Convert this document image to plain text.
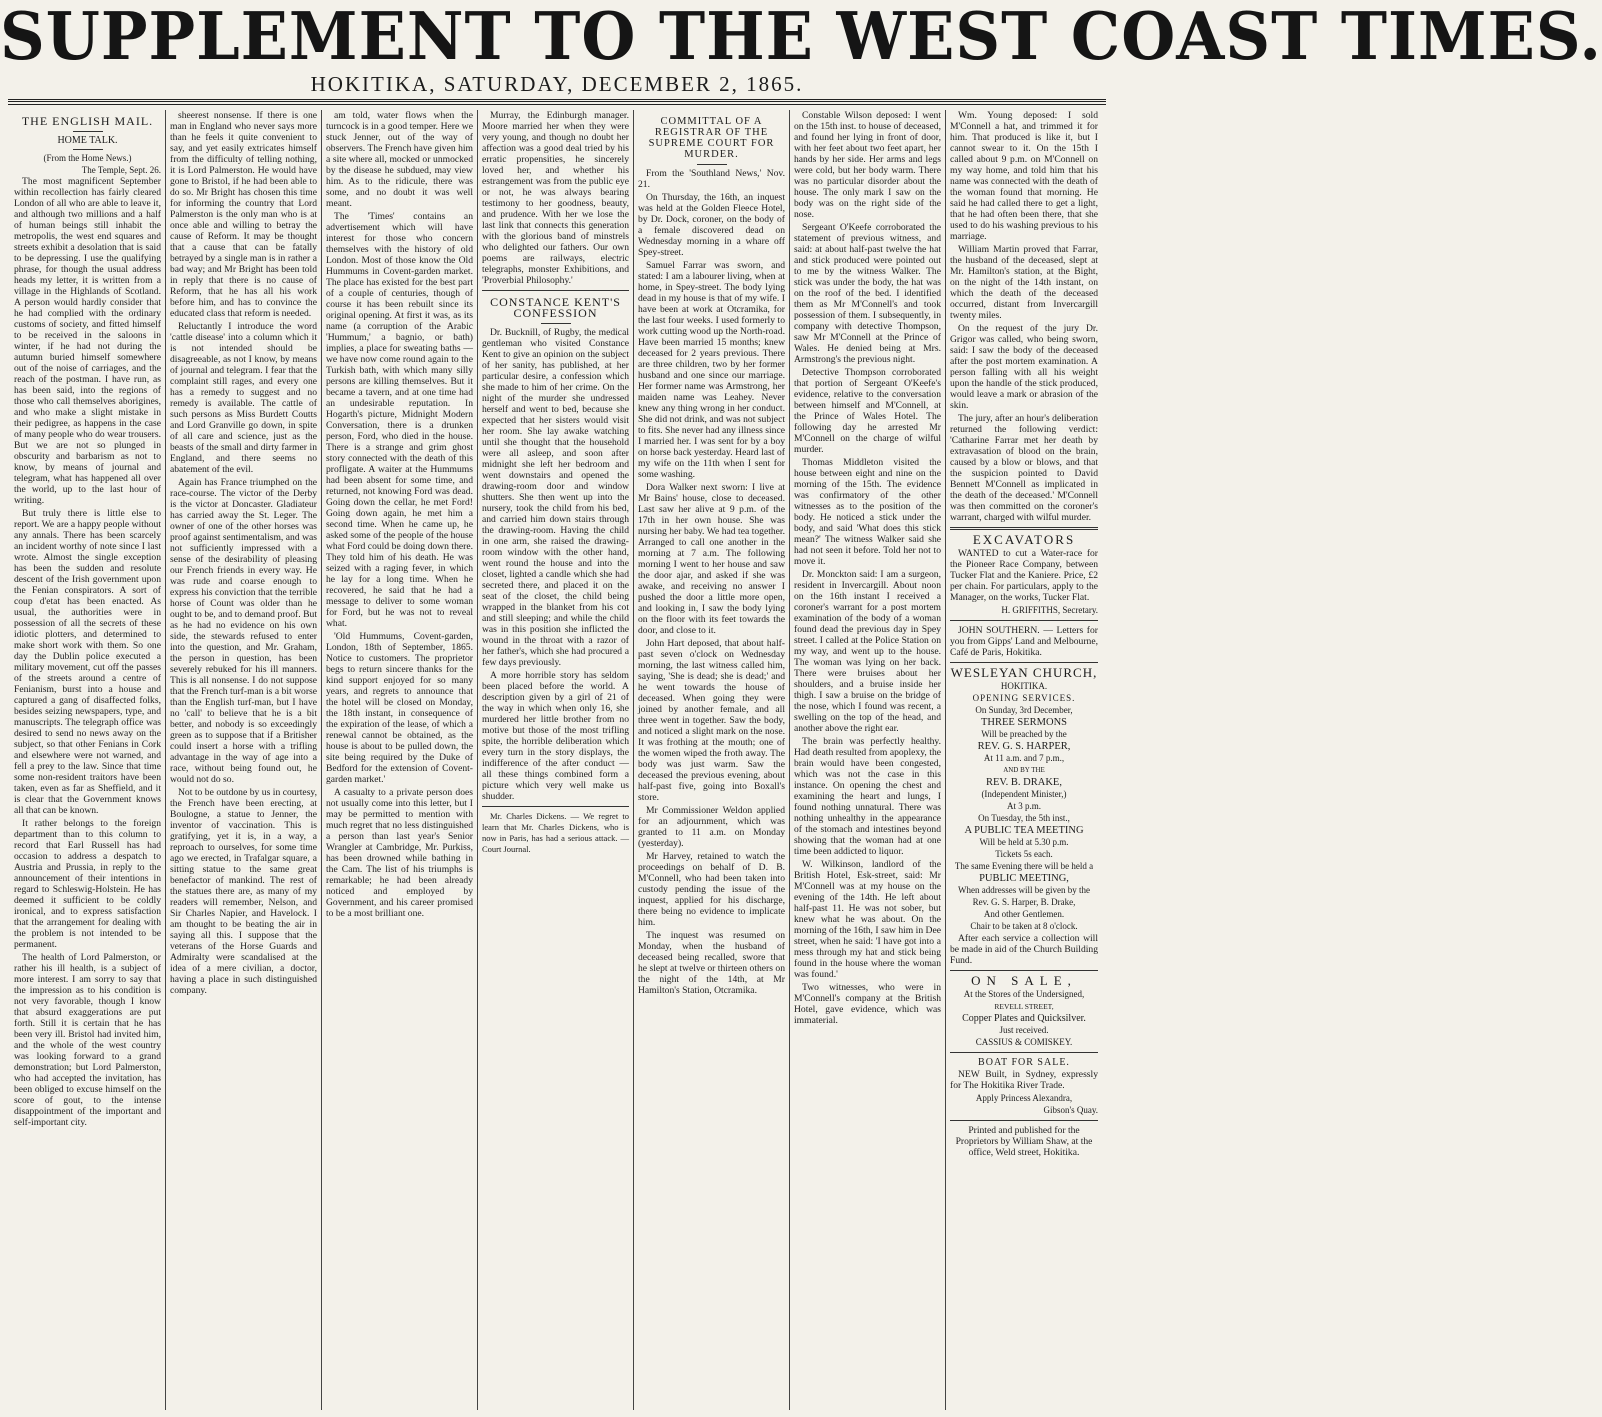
SUPPLEMENT TO THE WEST COAST TIMES.
HOKITIKA, SATURDAY, DECEMBER 2, 1865.
THE ENGLISH MAIL.
HOME TALK.
(From the Home News.)
The Temple, Sept. 26.

The most magnificent September within recollection has fairly cleared London of all who are able to leave it, and although two millions and a half of human beings still inhabit the metropolis, the west end squares and streets exhibit a desolation that is said to be depressing. I use the qualifying phrase, for though the usual address heads my letter, it is written from a village in the Highlands of Scotland. A person would hardly consider that he had complied with the ordinary customs of society, and fitted himself to be received in the saloons in winter, if he had not during the autumn buried himself somewhere out of the noise of carriages, and the reach of the postman. I have run, as has been said, into the regions of those who call themselves aborigines, and who make a slight mistake in their pedigree, as happens in the case of many people who do wear trousers. But we are not so plunged in obscurity and barbarism as not to know, by means of journal and telegram, what has happened all over the world, up to the last hour of writing.

But truly there is little else to report. We are a happy people without any annals. There has been scarcely an incident worthy of note since I last wrote. Almost the single exception has been the sudden and resolute descent of the Irish government upon the Fenian conspirators. A sort of coup d'etat has been enacted. As usual, the authorities were in possession of all the secrets of these idiotic plotters, and determined to make short work with them. So one day the Dublin police executed a military movement, cut off the passes of the streets around a centre of Fenianism, burst into a house and captured a gang of disaffected folks, besides seizing newspapers, type, and manuscripts. The telegraph office was desired to send no news away on the subject, so that other Fenians in Cork and elsewhere were not warned, and fell a prey to the law. Since that time some non-resident traitors have been taken, even as far as Sheffield, and it is clear that the Government knows all that can be known.

It rather belongs to the foreign department than to this column to record that Earl Russell has had occasion to address a despatch to Austria and Prussia, in reply to the announcement of their intentions in regard to Schleswig-Holstein. He has deemed it sufficient to be coldly ironical, and to express satisfaction that the arrangement for dealing with the problem is not intended to be permanent.

The health of Lord Palmerston, or rather his ill health, is a subject of more interest. I am sorry to say that the impression as to his condition is not very favorable, though I know that absurd exaggerations are put forth. Still it is certain that he has been very ill. Bristol had invited him, and the whole of the west country was looking forward to a grand demonstration; but Lord Palmerston, who had accepted the invitation, has been obliged to excuse himself on the score of gout, to the intense disappointment of the important and self-important city.

sheerest nonsense. If there is one man in England who never says more than he feels it quite convenient to say, and yet easily extricates himself from the difficulty of telling nothing, it is Lord Palmerston. He would have gone to Bristol, if he had been able to do so. Mr Bright has chosen this time for informing the country that Lord Palmerston is the only man who is at once able and willing to betray the cause of Reform. It may be thought that a cause that can be fatally betrayed by a single man is in rather a bad way; and Mr Bright has been told in reply that there is no cause of Reform, that he has all his work before him, and has to convince the educated class that reform is needed.

Reluctantly I introduce the word 'cattle disease' into a column which it is not intended should be disagreeable, as not I know, by means of journal and telegram. I fear that the complaint still rages, and every one has a remedy to suggest and no remedy is available. The cattle of such persons as Miss Burdett Coutts and Lord Granville go down, in spite of all care and science, just as the beasts of the small and dirty farmer in England, and there seems no abatement of the evil.

Again has France triumphed on the race-course. The victor of the Derby is the victor at Doncaster. Gladiateur has carried away the St. Leger. The owner of one of the other horses was proof against sentimentalism, and was not sufficiently impressed with a sense of the desirability of pleasing our French friends in every way. He was rude and coarse enough to express his conviction that the terrible horse of Count was older than he ought to be, and to demand proof. But as he had no evidence on his own side, the stewards refused to enter into the question, and Mr. Graham, the person in question, has been severely rebuked for his ill manners. This is all nonsense. I do not suppose that the French turf-man is a bit worse than the English turf-man, but I have no 'call' to believe that he is a bit better, and nobody is so exceedingly green as to suppose that if a Britisher could insert a horse with a trifling advantage in the way of age into a race, without being found out, he would not do so.

Not to be outdone by us in courtesy, the French have been erecting, at Boulogne, a statue to Jenner, the inventor of vaccination. This is gratifying, yet it is, in a way, a reproach to ourselves, for some time ago we erected, in Trafalgar square, a sitting statue to the same great benefactor of mankind. The rest of the statues there are, as many of my readers will remember, Nelson, and Sir Charles Napier, and Havelock. I am thought to be beating the air in saying all this. I suppose that the veterans of the Horse Guards and Admiralty were scandalised at the idea of a mere civilian, a doctor, having a place in such distinguished company.

am told, water flows when the turncock is in a good temper. Here we stuck Jenner, out of the way of observers. The French have given him a site where all, mocked or unmocked by the disease he subdued, may view him. As to the ridicule, there was some, and no doubt it was well meant.

The 'Times' contains an advertisement which will have interest for those who concern themselves with the history of old London. Most of those know the Old Hummums in Covent-garden market. The place has existed for the best part of a couple of centuries, though of course it has been rebuilt since its original opening. At first it was, as its name (a corruption of the Arabic 'Hummum,' a bagnio, or bath) implies, a place for sweating baths — we have now come round again to the Turkish bath, with which many silly persons are killing themselves. But it became a tavern, and at one time had an undesirable reputation. In Hogarth's picture, Midnight Modern Conversation, there is a drunken person, Ford, who died in the house. There is a strange and grim ghost story connected with the death of this profligate. A waiter at the Hummums had been absent for some time, and returned, not knowing Ford was dead. Going down the cellar, he met Ford! Going down again, he met him a second time. When he came up, he asked some of the people of the house what Ford could be doing down there. They told him of his death. He was seized with a raging fever, in which he lay for a long time. When he recovered, he said that he had a message to deliver to some woman for Ford, but he was not to reveal what.

'Old Hummums, Covent-garden, London, 18th of September, 1865. Notice to customers. The proprietor begs to return sincere thanks for the kind support enjoyed for so many years, and regrets to announce that the hotel will be closed on Monday, the 18th instant, in consequence of the expiration of the lease, of which a renewal cannot be obtained, as the house is about to be pulled down, the site being required by the Duke of Bedford for the extension of Covent-garden market.'

A casualty to a private person does not usually come into this letter, but I may be permitted to mention with much regret that no less distinguished a person than last year's Senior Wrangler at Cambridge, Mr. Purkiss, has been drowned while bathing in the Cam. The list of his triumphs is remarkable; he had been already noticed and employed by Government, and his career promised to be a most brilliant one.

Murray, the Edinburgh manager. Moore married her when they were very young, and though no doubt her affection was a good deal tried by his erratic propensities, he sincerely loved her, and whether his estrangement was from the public eye or not, he was always bearing testimony to her goodness, beauty, and prudence. With her we lose the last link that connects this generation with the glorious band of minstrels who delighted our fathers. Our own poems are railways, electric telegraphs, monster Exhibitions, and 'Proverbial Philosophy.'

CONSTANCE KENT'S CONFESSION

Dr. Bucknill, of Rugby, the medical gentleman who visited Constance Kent to give an opinion on the subject of her sanity, has published, at her particular desire, a confession which she made to him of her crime. On the night of the murder she undressed herself and went to bed, because she expected that her sisters would visit her room. She lay awake watching until she thought that the household were all asleep, and soon after midnight she left her bedroom and went downstairs and opened the drawing-room door and window shutters. She then went up into the nursery, took the child from his bed, and carried him down stairs through the drawing-room. Having the child in one arm, she raised the drawing-room window with the other hand, went round the house and into the closet, lighted a candle which she had secreted there, and placed it on the seat of the closet, the child being wrapped in the blanket from his cot and still sleeping; and while the child was in this position she inflicted the wound in the throat with a razor of her father's, which she had procured a few days previously.

A more horrible story has seldom been placed before the world. A description given by a girl of 21 of the way in which when only 16, she murdered her little brother from no motive but those of the most trifling spite, the horrible deliberation which every turn in the story displays, the indifference of the after conduct — all these things combined form a picture which very well make us shudder.

Mr. Charles Dickens. — We regret to learn that Mr. Charles Dickens, who is now in Paris, has had a serious attack. — Court Journal.

COMMITTAL OF A REGISTRAR OF THE SUPREME COURT FOR MURDER.

From the 'Southland News,' Nov. 21.

On Thursday, the 16th, an inquest was held at the Golden Fleece Hotel, by Dr. Dock, coroner, on the body of a female discovered dead on Wednesday morning in a whare off Spey-street.

Samuel Farrar was sworn, and stated: I am a labourer living, when at home, in Spey-street. The body lying dead in my house is that of my wife. I have been at work at Otcramika, for the last four weeks. I used formerly to work cutting wood up the North-road. Have been married 15 months; knew deceased for 2 years previous. There are three children, two by her former husband and one since our marriage. Her former name was Armstrong, her maiden name was Leahey. Never knew any thing wrong in her conduct. She did not drink, and was not subject to fits. She never had any illness since I married her. I was sent for by a boy on horse back yesterday. Heard last of my wife on the 11th when I sent for some washing.

Dora Walker next sworn: I live at Mr Bains' house, close to deceased. Last saw her alive at 9 p.m. of the 17th in her own house. She was nursing her baby. We had tea together. Arranged to call one another in the morning at 7 a.m. The following morning I went to her house and saw the door ajar, and asked if she was awake, and receiving no answer I pushed the door a little more open, and looking in, I saw the body lying on the floor with its feet towards the door, and close to it.

John Hart deposed, that about half-past seven o'clock on Wednesday morning, the last witness called him, saying, 'She is dead; she is dead;' and he went towards the house of deceased. When going they were joined by another female, and all three went in together. Saw the body, and noticed a slight mark on the nose. It was frothing at the mouth; one of the women wiped the froth away. The body was just warm. Saw the deceased the previous evening, about half-past five, going into Boxall's store.

Mr Commissioner Weldon applied for an adjournment, which was granted to 11 a.m. on Monday (yesterday).

Mr Harvey, retained to watch the proceedings on behalf of D. B. M'Connell, who had been taken into custody pending the issue of the inquest, applied for his discharge, there being no evidence to implicate him.

The inquest was resumed on Monday, when the husband of deceased being recalled, swore that he slept at twelve or thirteen others on the night of the 14th, at Mr Hamilton's Station, Otcramika.

Constable Wilson deposed: I went on the 15th inst. to house of deceased, and found her lying in front of door, with her feet about two feet apart, her hands by her side. Her arms and legs were cold, but her body warm. There was no particular disorder about the house. The only mark I saw on the body was on the right side of the nose.

Sergeant O'Keefe corroborated the statement of previous witness, and said: at about half-past twelve the hat and stick produced were pointed out to me by the witness Walker. The stick was under the body, the hat was on the roof of the bed. I identified them as Mr M'Connell's and took possession of them. I subsequently, in company with detective Thompson, saw Mr M'Connell at the Prince of Wales. He denied being at Mrs. Armstrong's the previous night.

Detective Thompson corroborated that portion of Sergeant O'Keefe's evidence, relative to the conversation between himself and M'Connell, at the Prince of Wales Hotel. The following day he arrested Mr M'Connell on the charge of wilful murder.

Thomas Middleton visited the house between eight and nine on the morning of the 15th. The evidence was confirmatory of the other witnesses as to the position of the body. He noticed a stick under the body, and said 'What does this stick mean?' The witness Walker said she had not seen it before. Told her not to move it.

Dr. Monckton said: I am a surgeon, resident in Invercargill. About noon on the 16th instant I received a coroner's warrant for a post mortem examination of the body of a woman found dead the previous day in Spey street. I called at the Police Station on my way, and went up to the house. The woman was lying on her back. There were bruises about her shoulders, and a bruise inside her thigh. I saw a bruise on the bridge of the nose, which I found was recent, a swelling on the top of the head, and another above the right ear.

The brain was perfectly healthy. Had death resulted from apoplexy, the brain would have been congested, which was not the case in this instance. On opening the chest and examining the heart and lungs, I found nothing unnatural. There was nothing unhealthy in the appearance of the stomach and intestines beyond showing that the woman had at one time been addicted to liquor.

W. Wilkinson, landlord of the British Hotel, Esk-street, said: Mr M'Connell was at my house on the evening of the 14th. He left about half-past 11. He was not sober, but knew what he was about. On the morning of the 16th, I saw him in Dee street, when he said: 'I have got into a mess through my hat and stick being found in the house where the woman was found.'

Two witnesses, who were in M'Connell's company at the British Hotel, gave evidence, which was immaterial.

Wm. Young deposed: I sold M'Connell a hat, and trimmed it for him. That produced is like it, but I cannot swear to it. On the 15th I called about 9 p.m. on M'Connell on my way home, and told him that his name was connected with the death of the woman found that morning. He said he had called there to get a light, that he had often been there, that she used to do his washing previous to his marriage.

William Martin proved that Farrar, the husband of the deceased, slept at Mr. Hamilton's station, at the Bight, on the night of the 14th instant, on which the death of the deceased occurred, distant from Invercargill twenty miles.

On the request of the jury Dr. Grigor was called, who being sworn, said: I saw the body of the deceased after the post mortem examination. A person falling with all his weight upon the handle of the stick produced, would leave a mark or abrasion of the skin.

The jury, after an hour's deliberation returned the following verdict: 'Catharine Farrar met her death by extravasation of blood on the brain, caused by a blow or blows, and that the suspicion pointed to David Bennett M'Connell as implicated in the death of the deceased.' M'Connell was then committed on the coroner's warrant, charged with wilful murder.

EXCAVATORS

WANTED to cut a Water-race for the Pioneer Race Company, between Tucker Flat and the Kaniere. Price, £2 per chain. For particulars, apply to the Manager, on the works, Tucker Flat.

H. GRIFFITHS, Secretary.

JOHN SOUTHERN. — Letters for you from Gipps' Land and Melbourne, Café de Paris, Hokitika.

WESLEYAN CHURCH,
HOKITIKA.
OPENING SERVICES.
On Sunday, 3rd December,
THREE SERMONS
Will be preached by the
REV. G. S. HARPER,
At 11 a.m. and 7 p.m.,
AND BY THE
REV. B. DRAKE,
(Independent Minister,)
At 3 p.m.
On Tuesday, the 5th inst.,
A PUBLIC TEA MEETING
Will be held at 5.30 p.m.
Tickets 5s each.
The same Evening there will be held a
PUBLIC MEETING,
When addresses will be given by the
Rev. G. S. Harper, B. Drake,
And other Gentlemen.
Chair to be taken at 8 o'clock.

After each service a collection will be made in aid of the Church Building Fund.

ON SALE,
At the Stores of the Undersigned,
REVELL STREET,
Copper Plates and Quicksilver.
Just received.
CASSIUS & COMISKEY.
BOAT FOR SALE.

NEW Built, in Sydney, expressly for The Hokitika River Trade.

Apply Princess Alexandra,
Gibson's Quay.

Printed and published for the Proprietors by William Shaw, at the office, Weld street, Hokitika.
